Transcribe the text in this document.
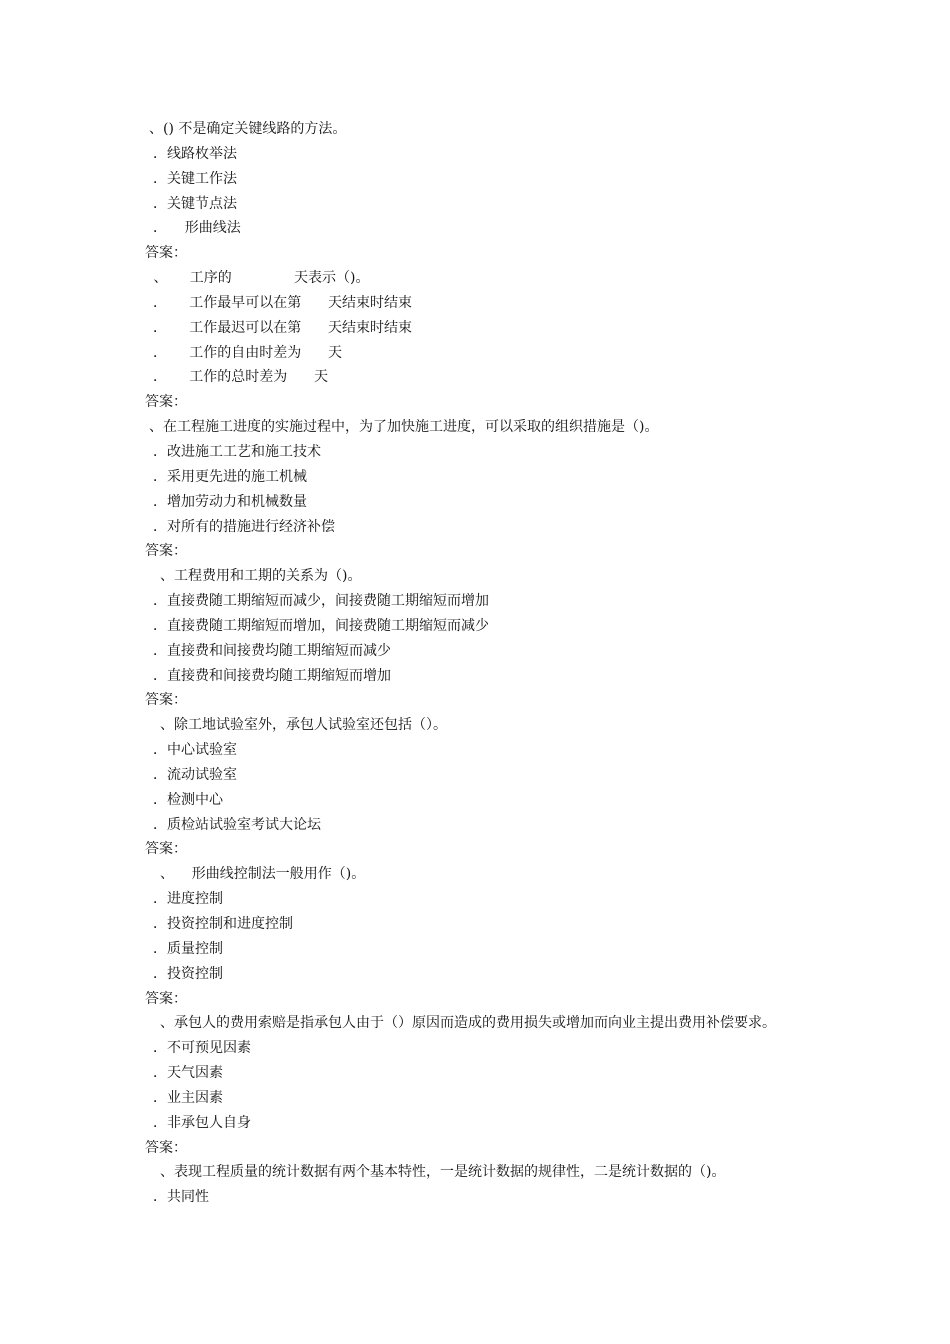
、() 不是确定关键线路的方法。
．线路枚举法
．关键工作法
．关键节点法
．    形曲线法
答案：
、     工序的              天表示（)。
．     工作最早可以在第      天结束时结束
．     工作最迟可以在第      天结束时结束
．     工作的自由时差为      天
．     工作的总时差为      天
答案：
、在工程施工进度的实施过程中，为了加快施工进度，可以采取的组织措施是（)。
．改进施工工艺和施工技术
．采用更先进的施工机械
．增加劳动力和机械数量
．对所有的措施进行经济补偿
答案：
、工程费用和工期的关系为（)。
．直接费随工期缩短而减少，间接费随工期缩短而增加
．直接费随工期缩短而增加，间接费随工期缩短而减少
．直接费和间接费均随工期缩短而减少
．直接费和间接费均随工期缩短而增加
答案：
、除工地试验室外，承包人试验室还包括（）。
．中心试验室
．流动试验室
．检测中心
．质检站试验室考试大论坛
答案：
、    形曲线控制法一般用作（)。
．进度控制
．投资控制和进度控制
．质量控制
．投资控制
答案：
、承包人的费用索赔是指承包人由于（）原因而造成的费用损失或增加而向业主提出费用补偿要求。
．不可预见因素
．天气因素
．业主因素
．非承包人自身
答案：
、表现工程质量的统计数据有两个基本特性，一是统计数据的规律性，二是统计数据的（)。
．共同性
